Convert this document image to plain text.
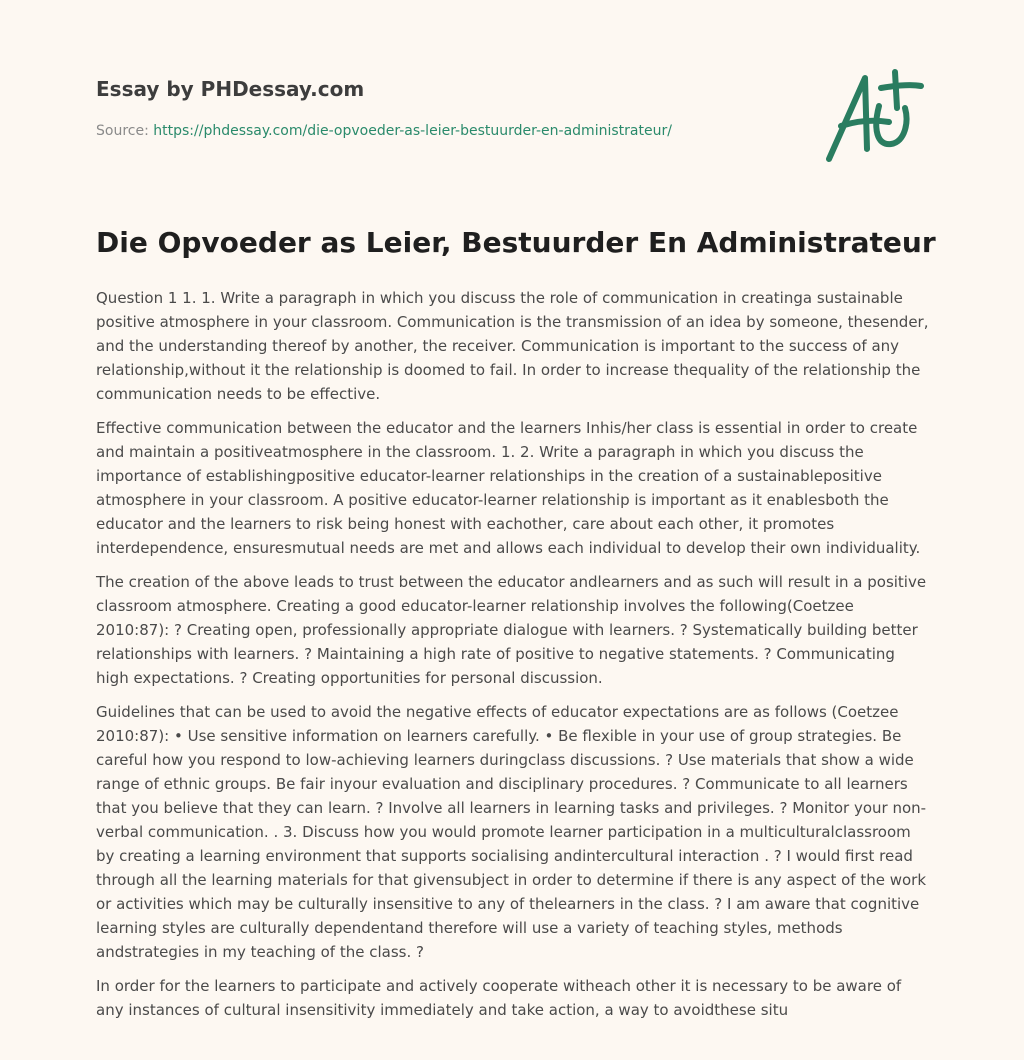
Essay by PHDessay.com
Source: https://phdessay.com/die-opvoeder-as-leier-bestuurder-en-administrateur/
Die Opvoeder as Leier, Bestuurder En Administrateur

Question 1 1. 1. Write a paragraph in which you discuss the role of communication in creatinga sustainable positive atmosphere in your classroom. Communication is the transmission of an idea by someone, thesender, and the understanding thereof by another, the receiver. Communication is important to the success of any relationship,without it the relationship is doomed to fail. In order to increase thequality of the relationship the communication needs to be effective.

Effective communication between the educator and the learners Inhis/her class is essential in order to create and maintain a positiveatmosphere in the classroom. 1. 2. Write a paragraph in which you discuss the importance of establishingpositive educator-learner relationships in the creation of a sustainablepositive atmosphere in your classroom. A positive educator-learner relationship is important as it enablesboth the educator and the learners to risk being honest with eachother, care about each other, it promotes interdependence, ensuresmutual needs are met and allows each individual to develop their own individuality.

The creation of the above leads to trust between the educator andlearners and as such will result in a positive classroom atmosphere. Creating a good educator-learner relationship involves the following(Coetzee 2010:87): ? Creating open, professionally appropriate dialogue with learners. ? Systematically building better relationships with learners. ? Maintaining a high rate of positive to negative statements. ? Communicating high expectations. ? Creating opportunities for personal discussion.

Guidelines that can be used to avoid the negative effects of educator expectations are as follows (Coetzee 2010:87): • Use sensitive information on learners carefully. • Be flexible in your use of group strategies. Be careful how you respond to low-achieving learners duringclass discussions. ? Use materials that show a wide range of ethnic groups. Be fair inyour evaluation and disciplinary procedures. ? Communicate to all learners that you believe that they can learn. ? Involve all learners in learning tasks and privileges. ? Monitor your non-verbal communication. . 3. Discuss how you would promote learner participation in a multiculturalclassroom by creating a learning environment that supports socialising andintercultural interaction . ? I would first read through all the learning materials for that givensubject in order to determine if there is any aspect of the work or activities which may be culturally insensitive to any of thelearners in the class. ? I am aware that cognitive learning styles are culturally dependentand therefore will use a variety of teaching styles, methods andstrategies in my teaching of the class. ?

In order for the learners to participate and actively cooperate witheach other it is necessary to be aware of any instances of cultural insensitivity immediately and take action, a way to avoidthese situ
